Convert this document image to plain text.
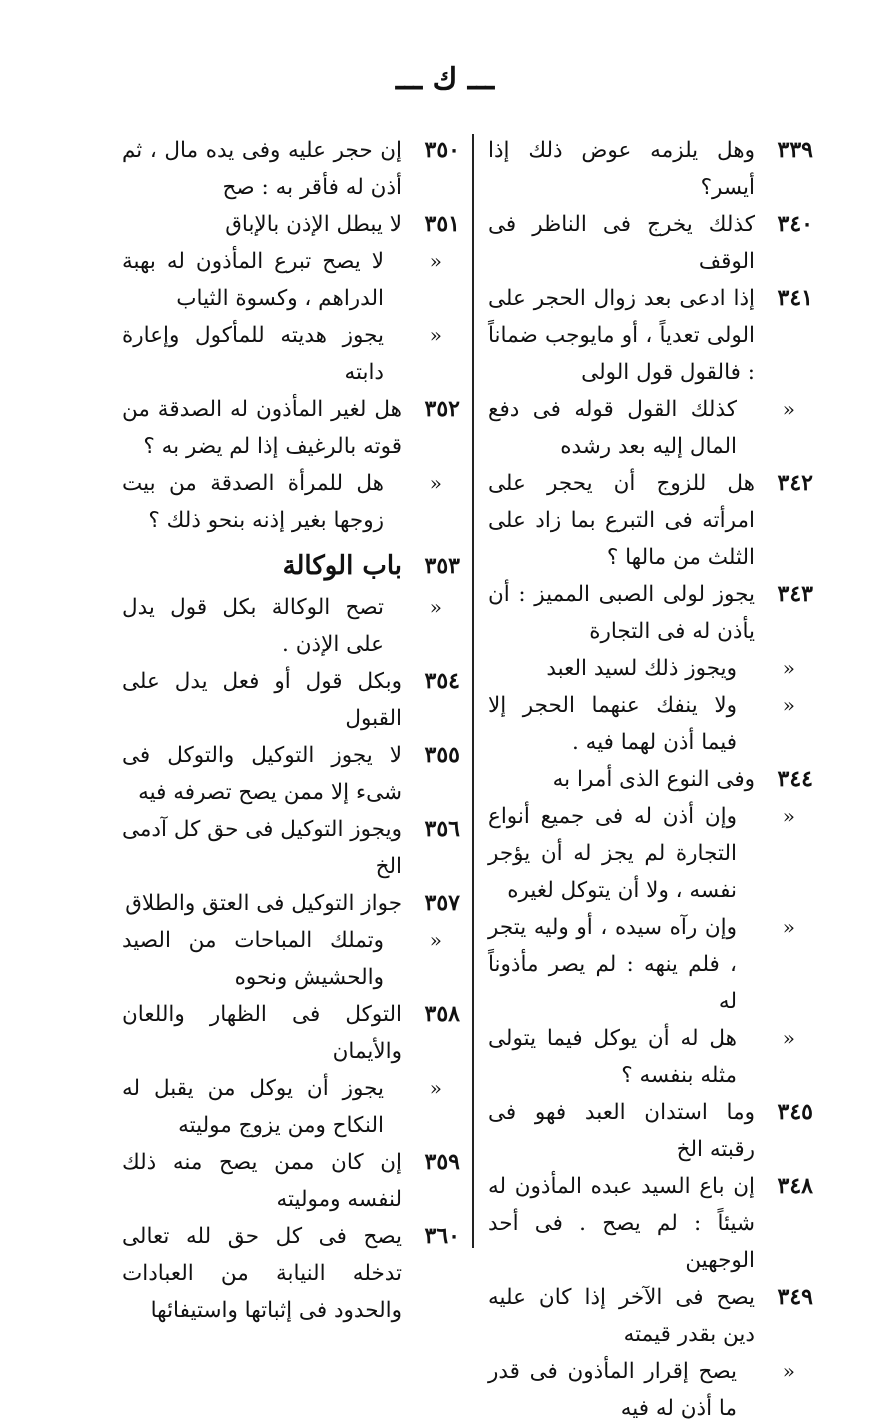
ـــ ك ـــ
٣٣٩
وهل يلزمه عوض ذلك إذا أيسر؟
٣٤٠
كذلك يخرج فى الناظر فى الوقف
٣٤١
إذا ادعى بعد زوال الحجر على الولى تعدياً ، أو مايوجب ضماناً : فالقول قول الولى
«
كذلك القول قوله فى دفع المال إليه بعد رشده
٣٤٢
هل للزوج أن يحجر على امرأته فى التبرع بما زاد على الثلث من مالها ؟
٣٤٣
يجوز لولى الصبى المميز : أن يأذن له فى التجارة
«
ويجوز ذلك لسيد العبد
«
ولا ينفك عنهما الحجر إلا فيما أذن لهما فيه .
٣٤٤
وفى النوع الذى أمرا به
«
وإن أذن له فى جميع أنواع التجارة لم يجز له أن يؤجر نفسه ، ولا أن يتوكل لغيره
«
وإن رآه سيده ، أو وليه يتجر ، فلم ينهه : لم يصر مأذوناً له
«
هل له أن يوكل فيما يتولى مثله بنفسه ؟
٣٤٥
وما استدان العبد فهو فى رقبته الخ
٣٤٨
إن باع السيد عبده المأذون له شيئاً : لم يصح . فى أحد الوجهين
٣٤٩
يصح فى الآخر إذا كان عليه دين بقدر قيمته
«
يصح إقرار المأذون فى قدر ما أذن له فيه
٣٥٠
إن حجر عليه وفى يده مال ، ثم أذن له فأقر به : صح
٣٥١
لا يبطل الإذن بالإباق
«
لا يصح تبرع المأذون له بهبة الدراهم ، وكسوة الثياب
«
يجوز هديته للمأكول وإعارة دابته
٣٥٢
هل لغير المأذون له الصدقة من قوته بالرغيف إذا لم يضر به ؟
«
هل للمرأة الصدقة من بيت زوجها بغير إذنه بنحو ذلك ؟
٣٥٣
باب الوكالة
«
تصح الوكالة بكل قول يدل على الإذن .
٣٥٤
وبكل قول أو فعل يدل على القبول
٣٥٥
لا يجوز التوكيل والتوكل فى شىء إلا ممن يصح تصرفه فيه
٣٥٦
ويجوز التوكيل فى حق كل آدمى الخ
٣٥٧
جواز التوكيل فى العتق والطلاق
«
وتملك المباحات من الصيد والحشيش ونحوه
٣٥٨
التوكل فى الظهار واللعان والأيمان
«
يجوز أن يوكل من يقبل له النكاح ومن يزوج موليته
٣٥٩
إن كان ممن يصح منه ذلك لنفسه وموليته
٣٦٠
يصح فى كل حق لله تعالى تدخله النيابة من العبادات والحدود فى إثباتها واستيفائها
